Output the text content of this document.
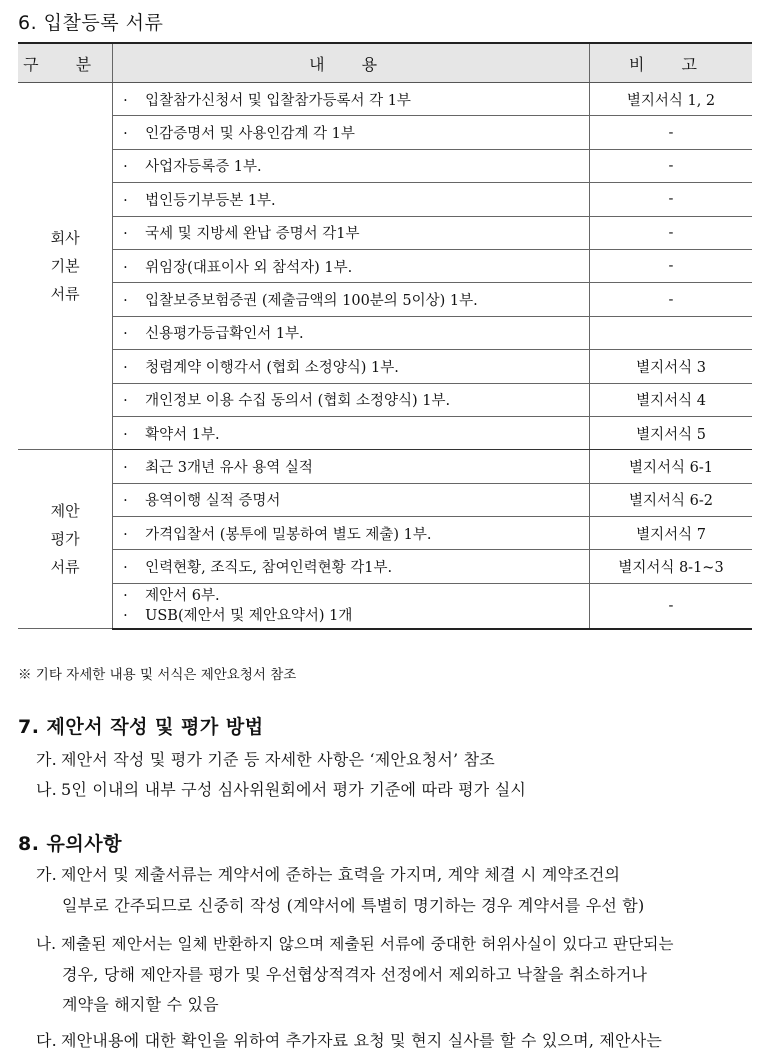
6. 입찰등록 서류
구 분	내 용	비 고

회사
기본
서류	· 입찰참가신청서 및 입찰참가등록서 각 1부	별지서식 1, 2

	· 인감증명서 및 사용인감계 각 1부	-

	· 사업자등록증 1부.	-

	· 법인등기부등본 1부.	-

	· 국세 및 지방세 완납 증명서 각1부	-

	· 위임장(대표이사 외 참석자) 1부.	-

	· 입찰보증보험증권 (제출금액의 100분의 5이상) 1부.	-

	· 신용평가등급확인서 1부.	

	· 청렴계약 이행각서 (협회 소정양식) 1부.	별지서식 3

	· 개인정보 이용 수집 동의서 (협회 소정양식) 1부.	별지서식 4

	· 확약서 1부.	별지서식 5

제안
평가
서류	· 최근 3개년 유사 용역 실적	별지서식 6-1

	· 용역이행 실적 증명서	별지서식 6-2

	· 가격입찰서 (봉투에 밀봉하여 별도 제출) 1부.	별지서식 7

	· 인력현황, 조직도, 참여인력현황 각1부.	별지서식 8-1~3

	· 제안서 6부.
· USB(제안서 및 제안요약서) 1개	-
※ 기타 자세한 내용 및 서식은 제안요청서 참조
7. 제안서 작성 및 평가 방법
가. 제안서 작성 및 평가 기준 등 자세한 사항은 ‘제안요청서’ 참조
나. 5인 이내의 내부 구성 심사위원회에서 평가 기준에 따라 평가 실시
8. 유의사항
가. 제안서 및 제출서류는 계약서에 준하는 효력을 가지며, 계약 체결 시 계약조건의
일부로 간주되므로 신중히 작성 (계약서에 특별히 명기하는 경우 계약서를 우선 함)
나. 제출된 제안서는 일체 반환하지 않으며 제출된 서류에 중대한 허위사실이 있다고 판단되는
경우, 당해 제안자를 평가 및 우선협상적격자 선정에서 제외하고 낙찰을 취소하거나
계약을 해지할 수 있음
다. 제안내용에 대한 확인을 위하여 추가자료 요청 및 현지 실사를 할 수 있으며, 제안사는
